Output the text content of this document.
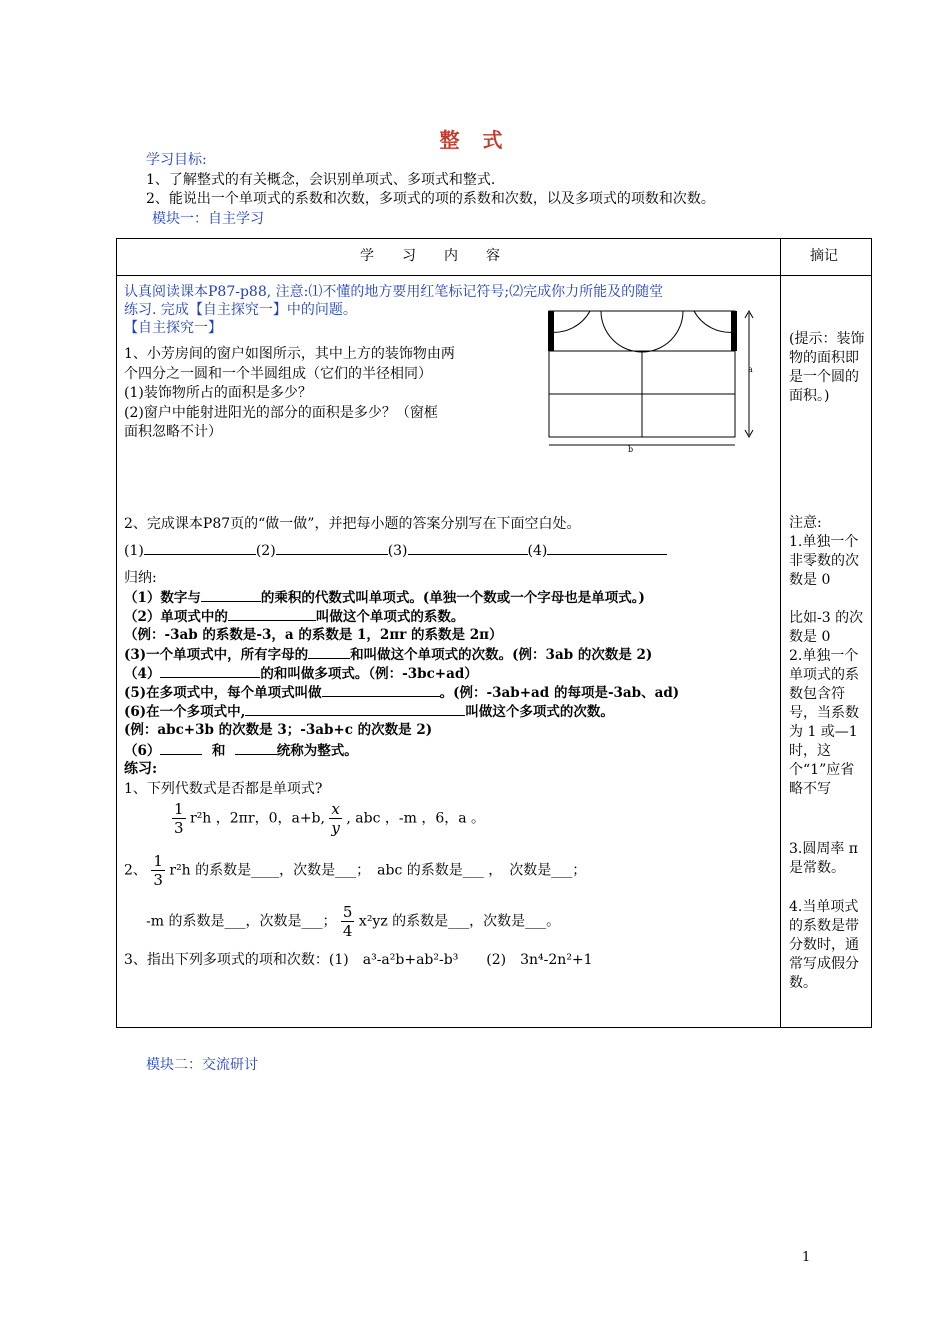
整 式
学习目标:
1、了解整式的有关概念，会识别单项式、多项式和整式.
2、能说出一个单项式的系数和次数，多项式的项的系数和次数，以及多项式的项数和次数。
模块一：自主学习
学　　习　　内　　容	摘记
认真阅读课本P87-p88, 注意:⑴不懂的地方要用红笔标记符号;⑵完成你力所能及的随堂
练习. 完成【自主探究一】中的问题。
【自主探究一】
1、小芳房间的窗户如图所示，其中上方的装饰物由两
个四分之一圆和一个半圆组成（它们的半径相同）
(1)装饰物所占的面积是多少？
(2)窗户中能射进阳光的部分的面积是多少？（窗框
面积忽略不计）
a
b
(提示：装饰物的面积即是一个圆的面积。)
2、完成课本P87页的“做一做”，并把每小题的答案分别写在下面空白处。
(1)	(2)	(3)	(4)
归纳:
（1）数字与	的乘积的代数式叫单项式。(单独一个数或一个字母也是单项式。)
（2）单项式中的	叫做这个单项式的系数。
（例：-3ab 的系数是-3，a 的系数是 1，2πr 的系数是 2π）
(3)一个单项式中，所有字母的	和叫做这个单项式的次数。(例：3ab 的次数是 2)
（4）	的和叫做多项式。（例：-3bc+ad）
(5)在多项式中，每个单项式叫做	。(例：-3ab+ad 的每项是-3ab、ad)
(6)在一个多项式中,	叫做这个多项式的次数。
(例：abc+3b 的次数是 3；-3ab+c 的次数是 2)
（6）	和	统称为整式。
练习:
1、下列代数式是否都是单项式?
$\frac{1}{3} r^2h$ ，2πr，0，a+b, $\frac{x}{y}$ , abc ，-m ，6，a 。
2、 $\frac{1}{3} r^2h$ 的系数是____，次数是___；　abc 的系数是___ ，　次数是___；
-m 的系数是___，次数是___； $\frac{5}{4} x^2yz$ 的系数是___，次数是___。
3、指出下列多项式的项和次数：(1)　a³-a²b+ab²-b³　　(2)　3n⁴-2n²+1
注意:
1.单独一个非零数的次数是 0
比如-3 的次数是 0
2.单独一个单项式的系数包含符号，当系数为 1 或—1 时，这个“1”应省略不写
3.圆周率 π 是常数。
4.当单项式的系数是带分数时，通常写成假分数。
模块二：交流研讨
1
